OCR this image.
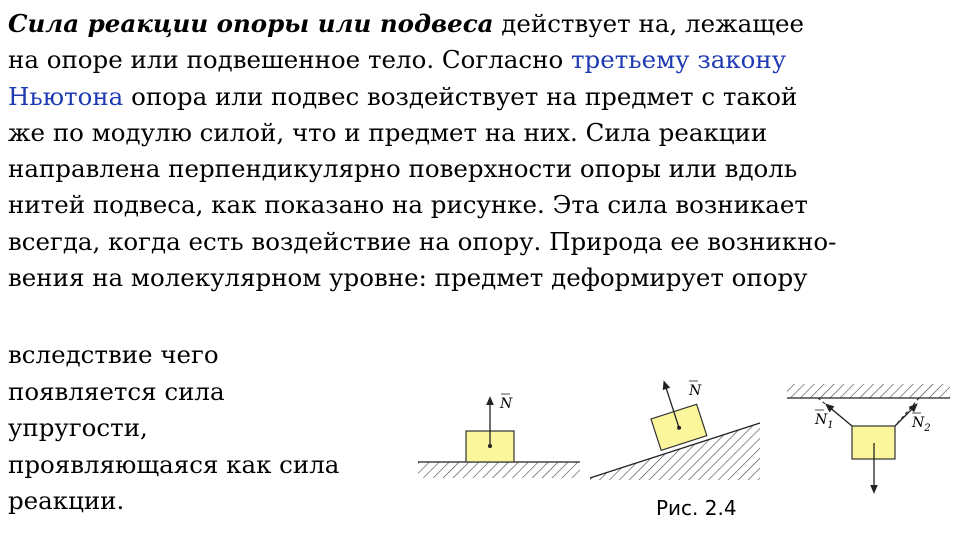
Сила реакции опоры или подвеса действует на, лежащее
на опоре или подвешенное тело. Согласно третьему закону
Ньютона опора или подвес воздействует на предмет с такой
же по модулю силой, что и предмет на них. Сила реакции
направлена перпендикулярно поверхности опоры или вдоль
нитей подвеса, как показано на рисунке. Эта сила возникает
всегда, когда есть воздействие на опору. Природа ее возникно-
вения на молекулярном уровне: предмет деформирует опору
вследствие чего
появляется сила
упругости,
проявляющаяся как сила
реакции.
N
N
$N_1$	$N_2$
Рис. 2.4
